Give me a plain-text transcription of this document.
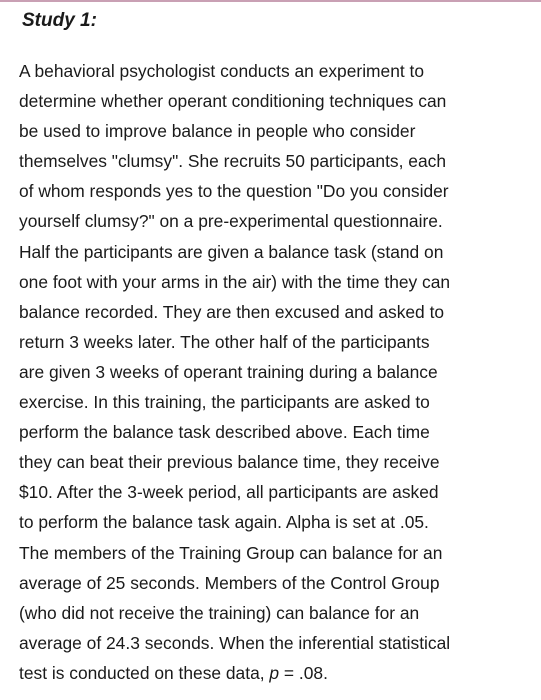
Study 1:
A behavioral psychologist conducts an experiment to
determine whether operant conditioning techniques can
be used to improve balance in people who consider
themselves "clumsy". She recruits 50 participants, each
of whom responds yes to the question "Do you consider
yourself clumsy?" on a pre-experimental questionnaire.
Half the participants are given a balance task (stand on
one foot with your arms in the air) with the time they can
balance recorded. They are then excused and asked to
return 3 weeks later. The other half of the participants
are given 3 weeks of operant training during a balance
exercise. In this training, the participants are asked to
perform the balance task described above. Each time
they can beat their previous balance time, they receive
$10. After the 3-week period, all participants are asked
to perform the balance task again. Alpha is set at .05.
The members of the Training Group can balance for an
average of 25 seconds. Members of the Control Group
(who did not receive the training) can balance for an
average of 24.3 seconds. When the inferential statistical
test is conducted on these data, p = .08.
